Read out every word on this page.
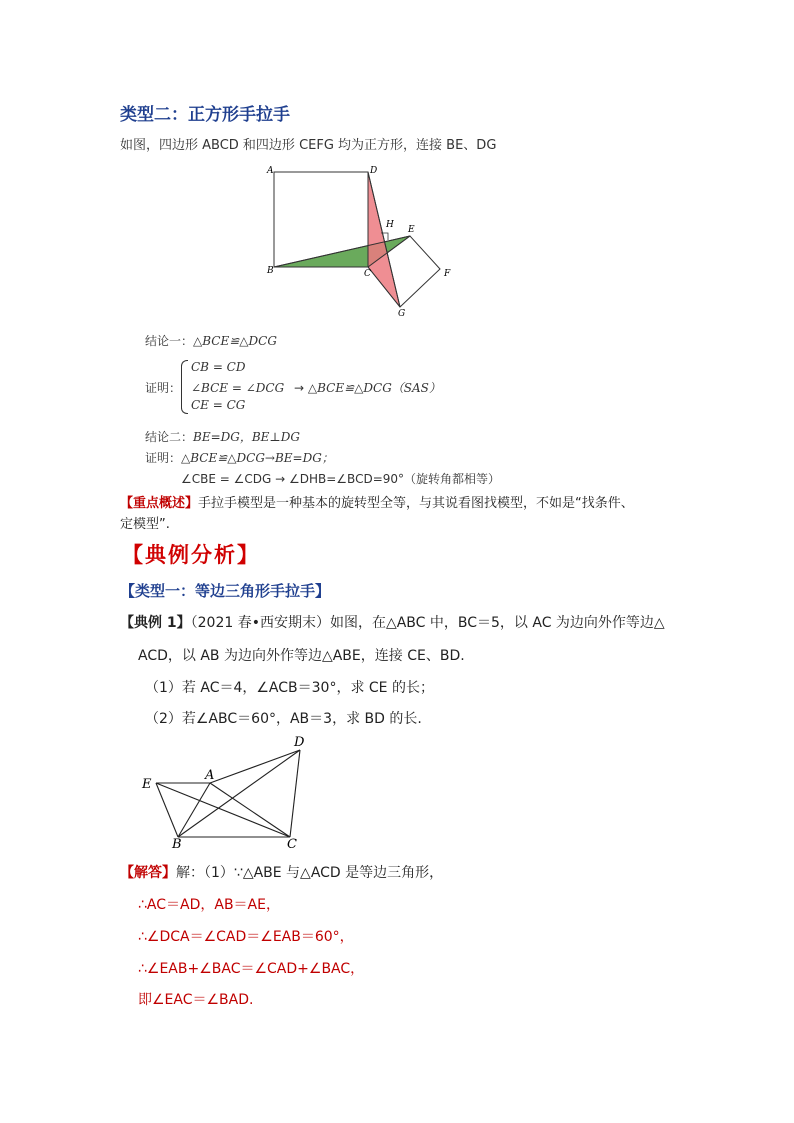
类型二：正方形手拉手
如图，四边形 ABCD 和四边形 CEFG 均为正方形，连接 BE、DG
A	D
H E
B	C	F
G
结论一：△BCE≌△DCG
证明：
CB = CD
∠BCE = ∠DCG → △BCE≌△DCG（SAS）
CE = CG
结论二：BE=DG，BE⊥DG
证明：△BCE≌△DCG→BE=DG；
∠CBE = ∠CDG → ∠DHB=∠BCD=90°（旋转角都相等）
【重点概述】手拉手模型是一种基本的旋转型全等，与其说看图找模型，不如是“找条件、
定模型”.
【典例分析】
【类型一：等边三角形手拉手】
【典例 1】（2021 春•西安期末）如图，在△ABC 中，BC＝5，以 AC 为边向外作等边△
ACD，以 AB 为边向外作等边△ABE，连接 CE、BD.
（1）若 AC＝4，∠ACB＝30°，求 CE 的长；
（2）若∠ABC＝60°，AB＝3，求 BD 的长.
D
E
A
B	C
【解答】解：（1）∵△ABE 与△ACD 是等边三角形，
∴AC＝AD，AB＝AE，
∴∠DCA＝∠CAD＝∠EAB＝60°，
∴∠EAB+∠BAC＝∠CAD+∠BAC，
即∠EAC＝∠BAD.
